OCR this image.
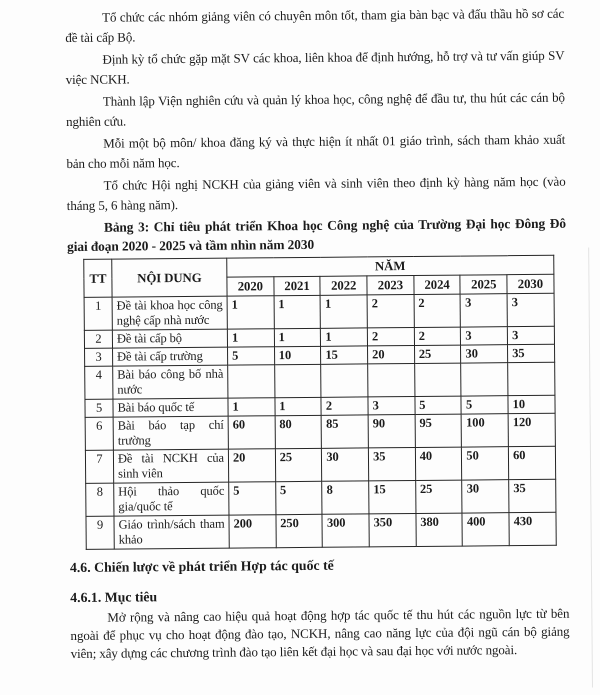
Tổ chức các nhóm giảng viên có chuyên môn tốt, tham gia bàn bạc và đấu thầu hồ sơ các đề tài cấp Bộ.

Định kỳ tổ chức gặp mặt SV các khoa, liên khoa để định hướng, hỗ trợ và tư vấn giúp SV việc NCKH.

Thành lập Viện nghiên cứu và quản lý khoa học, công nghệ để đầu tư, thu hút các cán bộ nghiên cứu.

Mỗi một bộ môn/ khoa đăng ký và thực hiện ít nhất 01 giáo trình, sách tham khảo xuất bản cho mỗi năm học.

Tổ chức Hội nghị NCKH của giảng viên và sinh viên theo định kỳ hàng năm học (vào tháng 5, 6 hàng năm).

Bảng 3: Chỉ tiêu phát triển Khoa học Công nghệ của Trường Đại học Đông Đô giai đoạn 2020 - 2025 và tầm nhìn năm 2030

TT	NỘI DUNG	NĂM						
		2020	2021	2022	2023	2024	2025	2030
1	Đề tài khoa học công nghệ cấp nhà nước	1	1	1	2	2	3	3
2	Đề tài cấp bộ	1	1	1	2	2	3	3
3	Đề tài cấp trường	5	10	15	20	25	30	35
4	Bài báo công bố nhà nước							
5	Bài báo quốc tế	1	1	2	3	5	5	10
6	Bài báo tạp chí trường	60	80	85	90	95	100	120
7	Đề tài NCKH của sinh viên	20	25	30	35	40	50	60
8	Hội thảo quốc gia/quốc tế	5	5	8	15	25	30	35
9	Giáo trình/sách tham khảo	200	250	300	350	380	400	430
4.6. Chiến lược về phát triển Hợp tác quốc tế
4.6.1. Mục tiêu

Mở rộng và nâng cao hiệu quả hoạt động hợp tác quốc tế thu hút các nguồn lực từ bên ngoài để phục vụ cho hoạt động đào tạo, NCKH, nâng cao năng lực của đội ngũ cán bộ giảng viên; xây dựng các chương trình đào tạo liên kết đại học và sau đại học với nước ngoài.
